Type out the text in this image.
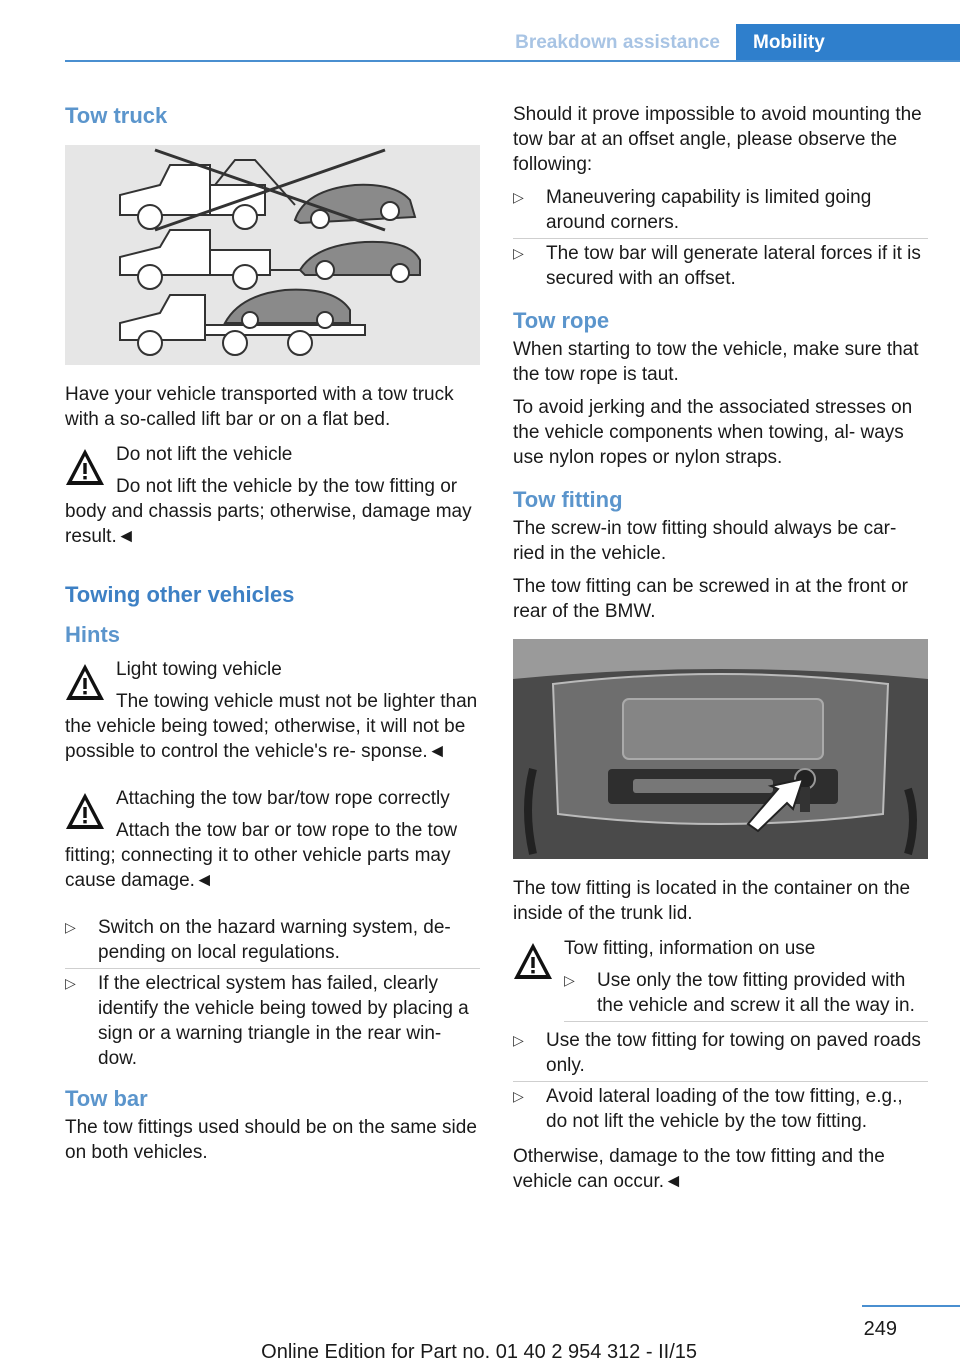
Breakdown assistance	Mobility
Tow truck

Have your vehicle transported with a tow truck with a so-called lift bar or on a flat bed.

Do not lift the vehicle
Do not lift the vehicle by the tow fitting or body and chassis parts; otherwise, damage may result.◄
Towing other vehicles
Hints
Light towing vehicle
The towing vehicle must not be lighter than the vehicle being towed; otherwise, it will not be possible to control the vehicle's re‐ sponse.◄
Attaching the tow bar/tow rope correctly
Attach the tow bar or tow rope to the tow fitting; connecting it to other vehicle parts may cause damage.◄
▷ Switch on the hazard warning system, de‐ pending on local regulations.
▷ If the electrical system has failed, clearly identify the vehicle being towed by placing a sign or a warning triangle in the rear win‐ dow.
Tow bar

The tow fittings used should be on the same side on both vehicles.

Should it prove impossible to avoid mounting the tow bar at an offset angle, please observe the following:

▷ Maneuvering capability is limited going around corners.
▷ The tow bar will generate lateral forces if it is secured with an offset.
Tow rope

When starting to tow the vehicle, make sure that the tow rope is taut.

To avoid jerking and the associated stresses on the vehicle components when towing, al‐ ways use nylon ropes or nylon straps.

Tow fitting

The screw-in tow fitting should always be car‐ ried in the vehicle.

The tow fitting can be screwed in at the front or rear of the BMW.

The tow fitting is located in the container on the inside of the trunk lid.

Tow fitting, information on use
▷ Use only the tow fitting provided with the vehicle and screw it all the way in.
▷ Use the tow fitting for towing on paved roads only.
▷ Avoid lateral loading of the tow fitting, e.g., do not lift the vehicle by the tow fitting.

Otherwise, damage to the tow fitting and the vehicle can occur.◄

249
Online Edition for Part no. 01 40 2 954 312 - II/15
